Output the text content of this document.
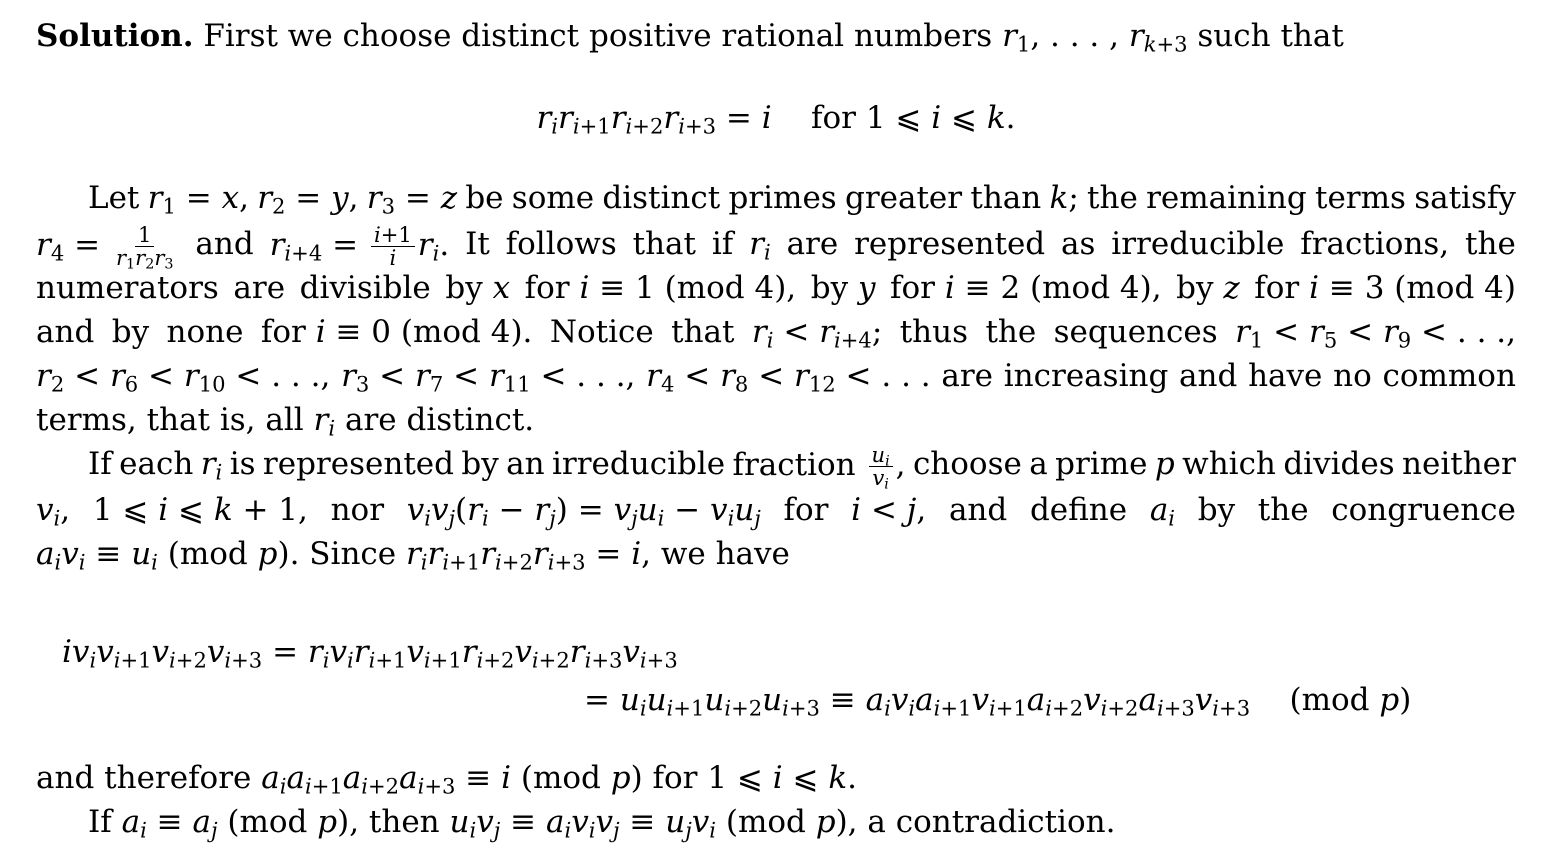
Solution. First we choose distinct positive rational numbers $r_1$, . . . , $r_{k+3}$ such that
$r_ir_{i+1}r_{i+2}r_{i+3} = i$    for 1 ⩽ i ⩽ k.
Let $r_1 = x$, $r_2 = y$, $r_3 = z$ be some distinct primes greater than k; the remaining terms satisfy
$r_4 = \frac{1}{r_1r_2r_3}$ and $r_{i+4} = \frac{i+1}{i} r_i$. It follows that if $r_i$ are represented as irreducible fractions, the
numerators are divisible by x for i ≡ 1 (mod 4), by y for i ≡ 2 (mod 4), by z for i ≡ 3 (mod 4)
and by none for i ≡ 0 (mod 4). Notice that $r_i < r_{i+4}$; thus the sequences $r_1 < r_5 < r_9$ < . . .,
$r_2 < r_6 < r_{10}$ < . . ., $r_3 < r_7 < r_{11}$ < . . ., $r_4 < r_8 < r_{12}$ < . . . are increasing and have no common
terms, that is, all $r_i$ are distinct.
If each $r_i$ is represented by an irreducible fraction $\frac{u_i}{v_i}$ , choose a prime p which divides neither
$v_i$, 1 ⩽ i ⩽ k + 1, nor $v_iv_j(r_i - r_j) = v_ju_i - v_iu_j$ for i < j, and define $a_i$ by the congruence
$a_iv_i \equiv u_i$ (mod p). Since $r_ir_{i+1}r_{i+2}r_{i+3} = i$, we have
$iv_iv_{i+1}v_{i+2}v_{i+3} = r_iv_ir_{i+1}v_{i+1}r_{i+2}v_{i+2}r_{i+3}v_{i+3}$
= $u_iu_{i+1}u_{i+2}u_{i+3} \equiv a_iv_ia_{i+1}v_{i+1}a_{i+2}v_{i+2}a_{i+3}v_{i+3}$    (mod p)
and therefore $a_ia_{i+1}a_{i+2}a_{i+3} \equiv i$ (mod p) for 1 ⩽ i ⩽ k.
If $a_i \equiv a_j$ (mod p), then $u_iv_j \equiv a_iv_iv_j \equiv u_jv_i$ (mod p), a contradiction.
